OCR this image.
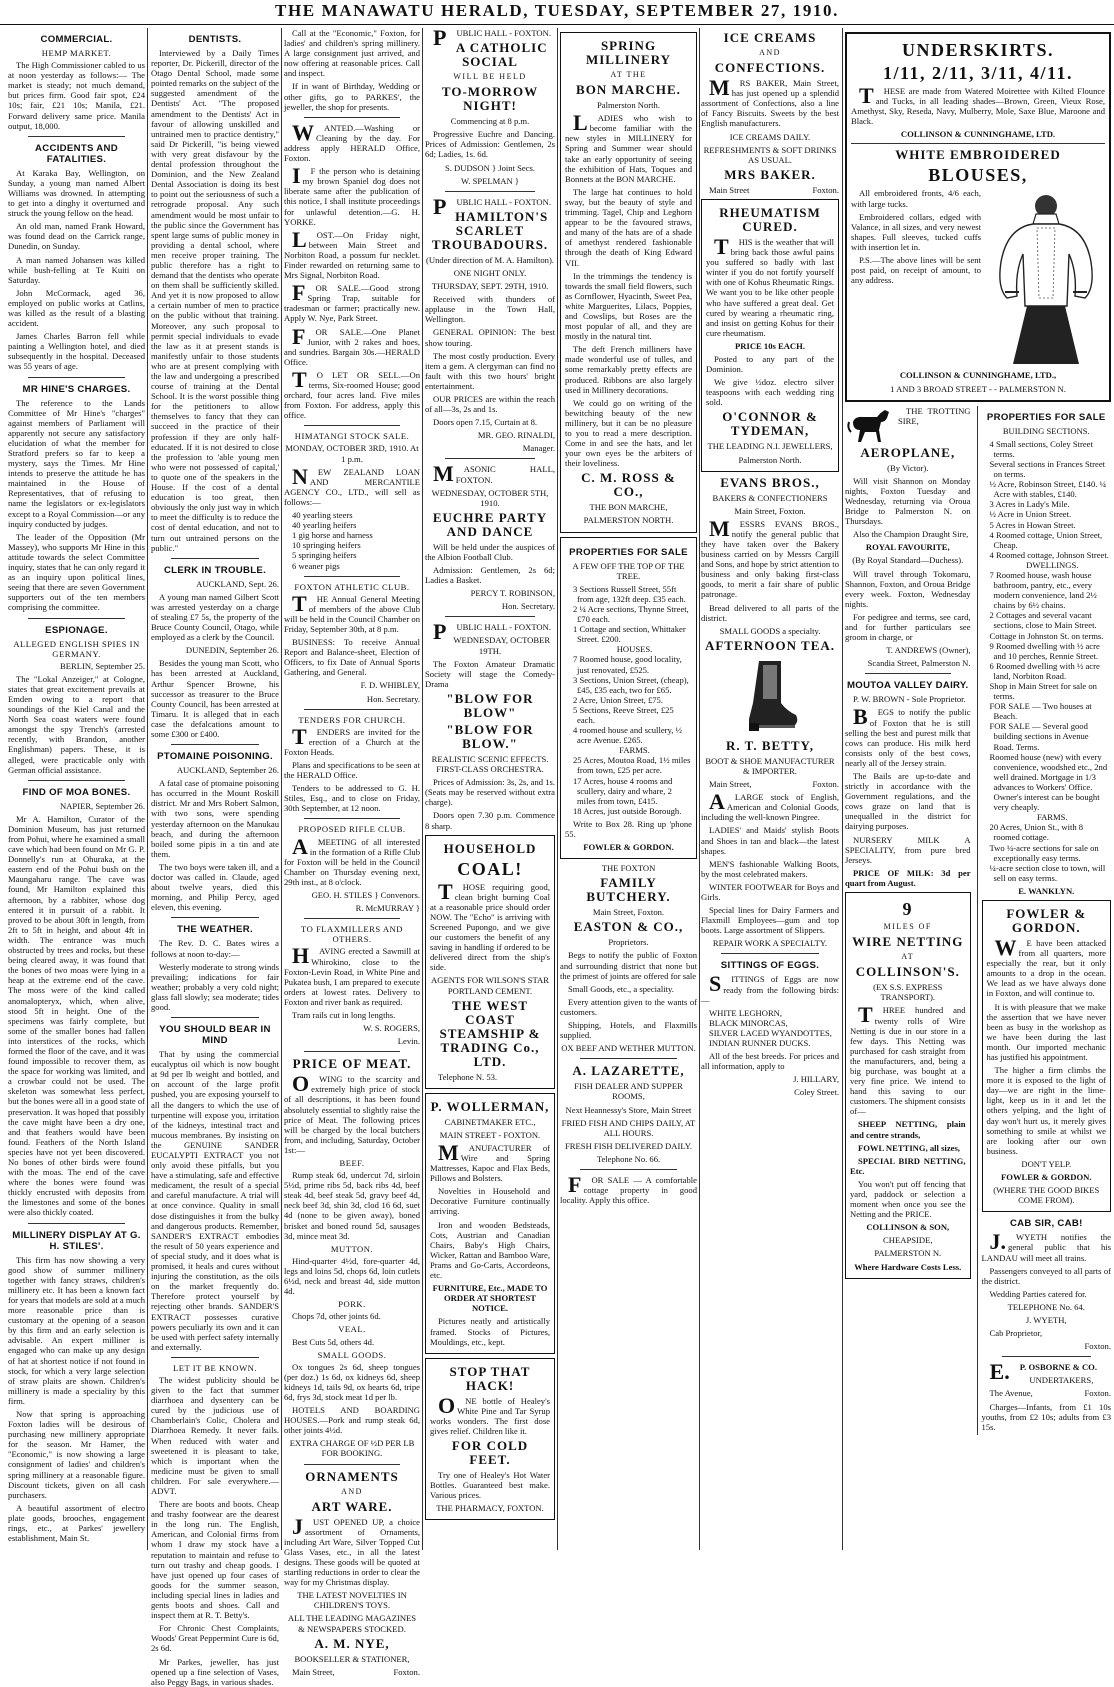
THE MANAWATU HERALD, TUESDAY, SEPTEMBER 27, 1910.
COMMERCIAL.
HEMP MARKET.

The High Commissioner cabled to us at noon yesterday as follows:— The market is steady; not much demand, but prices firm. Good fair spot, £24 10s; fair, £21 10s; Manila, £21. Forward delivery same price. Manila output, 18,000.

ACCIDENTS AND FATALITIES.

At Karaka Bay, Wellington, on Sunday, a young man named Albert Williams was drowned. In attempting to get into a dinghy it overturned and struck the young fellow on the head.

An old man, named Frank Howard, was found dead on the Carrick range, Dunedin, on Sunday.

A man named Johansen was killed while bush-felling at Te Kuiti on Saturday.

John McCormack, aged 36, employed on public works at Catlins, was killed as the result of a blasting accident.

James Charles Barron fell while painting a Wellington hotel, and died subsequently in the hospital. Deceased was 55 years of age.

MR HINE'S CHARGES.

The reference to the Lands Committee of Mr Hine's "charges" against members of Parliament will apparently not secure any satisfactory elucidation of what the member for Stratford prefers so far to keep a mystery, says the Times. Mr Hine intends to preserve the attitude he has maintained in the House of Representatives, that of refusing to name the legislators or ex-legislators except to a Royal Commission—or any inquiry conducted by judges.

The leader of the Opposition (Mr Massey), who supports Mr Hine in this attitude towards the select Committee inquiry, states that he can only regard it as an inquiry upon political lines, seeing that there are seven Government supporters out of the ten members comprising the committee.

ESPIONAGE.
ALLEGED ENGLISH SPIES IN GERMANY.

BERLIN, September 25.

The "Lokal Anzeiger," at Cologne, states that great excitement prevails at Emden owing to a report that soundings of the Kiel Canal and the North Sea coast waters were found amongst the spy Trench's (arrested recently, with Brandon, another Englishman) papers. These, it is alleged, were practicable only with German official assistance.

FIND OF MOA BONES.

NAPIER, September 26.

Mr A. Hamilton, Curator of the Dominion Museum, has just returned from Pohui, where he examined a small cave which had been found on Mr G. P. Donnelly's run at Ohuraka, at the eastern end of the Pohui bush on the Maungaharu range. The cave was found, Mr Hamilton explained this afternoon, by a rabbiter, whose dog entered it in pursuit of a rabbit. It proved to be about 30ft in length, from 2ft to 5ft in height, and about 4ft in width. The entrance was much obstructed by trees and rocks, but these being cleared away, it was found that the bones of two moas were lying in a heap at the extreme end of the cave. The moss were of the kind called anomalopteryx, which, when alive, stood 5ft in height. One of the specimens was fairly complete, but some of the smaller bones had fallen into interstices of the rocks, which formed the floor of the cave, and it was found impossible to recover them, as the space for working was limited, and a crowbar could not be used. The skeleton was somewhat less perfect, but the bones were all in a good state of preservation. It was hoped that possibly the cave might have been a dry one, and that feathers would have been found. Feathers of the North Island species have not yet been discovered. No bones of other birds were found with the moas. The end of the cave where the bones were found was thickly encrusted with deposits from the limestones and some of the bones were also thickly coated.

MILLINERY DISPLAY AT G. H. STILES'.

This firm has now showing a very good show of summer millinery together with fancy straws, children's millinery etc. It has been a known fact for years that models are sold at a much more reasonable price than is customary at the opening of a season by this firm and an early selection is advisable. An expert milliner is engaged who can make up any design of hat at shortest notice if not found in stock, for which a very large selection of straw plaits are shown. Children's millinery is made a speciality by this firm.

Now that spring is approaching Foxton ladies will be desirous of purchasing new millinery appropriate for the season. Mr Hamer, the "Economic," is now showing a large consignment of ladies' and children's spring millinery at a reasonable figure. Discount tickets, given on all cash purchasers.

A beautiful assortment of electro plate goods, brooches, engagement rings, etc., at Parkes' jewellery establishment, Main St.

DENTISTS.

Interviewed by a Daily Times reporter, Dr. Pickerill, director of the Otago Dental School, made some pointed remarks on the subject of the suggested amendment of the Dentists' Act. "The proposed amendment to the Dentists' Act in favour of allowing unskilled and untrained men to practice dentistry," said Dr Pickerill, "is being viewed with very great disfavour by the dental profession throughout the Dominion, and the New Zealand Dental Association is doing its best to point out the seriousness of such a retrograde proposal. Any such amendment would be most unfair to the public since the Government has spent large sums of public money in providing a dental school, where men receive proper training. The public therefore has a right to demand that the dentists who operate on them shall be sufficiently skilled. And yet it is now proposed to allow a certain number of men to practice on the public without that training. Moreover, any such proposal to permit special individuals to evade the law as it at present stands is manifestly unfair to those students who are at present complying with the law and undergoing a prescribed course of training at the Dental School. It is the worst possible thing for the petitioners to allow themselves to fancy that they can succeed in the practice of their profession if they are only half-educated. If it is not desired to close the profession to 'able young men who were not possessed of capital,' to quote one of the speakers in the House. If the cost of a dental education is too great, then obviously the only just way in which to meet the difficulty is to reduce the cost of dental education, and not to turn out untrained persons on the public."

CLERK IN TROUBLE.

AUCKLAND, Sept. 26.

A young man named Gilbert Scott was arrested yesterday on a charge of stealing £7 5s, the property of the Bruce County Council, Otago, while employed as a clerk by the Council.

DUNEDIN, September 26.

Besides the young man Scott, who has been arrested at Auckland, Arthur Spencer Browne, his successor as treasurer to the Bruce County Council, has been arrested at Timaru. It is alleged that in each case the defalcations amount to some £300 or £400.

PTOMAINE POISONING.

AUCKLAND, September 26.

A fatal case of ptomaine poisoning has occurred in the Mount Roskill district. Mr and Mrs Robert Salmon, with two sons, were spending yesterday afternoon on the Manukau beach, and during the afternoon boiled some pipis in a tin and ate them.

The two boys were taken ill, and a doctor was called in. Claude, aged about twelve years, died this morning, and Philip Percy, aged eleven, this evening.

THE WEATHER.

The Rev. D. C. Bates wires a follows at noon to-day:—

Westerly moderate to strong winds prevailing; indications for fair weather; probably a very cold night; glass fall slowly; sea moderate; tides good.

YOU SHOULD BEAR IN MIND

That by using the commercial eucalyptus oil which is now bought at 9d per lb weight and bottled, and on account of the large profit pushed, you are exposing yourself to all the dangers to which the use of turpentine will expose you, irritation of the kidneys, intestinal tract and mucous membranes. By insisting on the GENUINE SANDER EUCALYPTI EXTRACT you not only avoid these pitfalls, but you have a stimulating, safe and effective medicament, the result of a special and careful manufacture. A trial will at once convince. Quality in small dose distinguishes it from the bulky and dangerous products. Remember, SANDER'S EXTRACT embodies the result of 50 years experience and of special study, and it does what is promised, it heals and cures without injuring the constitution, as the oils on the market frequently do. Therefore protect yourself by rejecting other brands. SANDER'S EXTRACT possesses curative powers peculiarly its own and it can be used with perfect safety internally and externally.

LET IT BE KNOWN.

The widest publicity should be given to the fact that summer diarrhoea and dysentery can be cured by the judicious use of Chamberlain's Colic, Cholera and Diarrhoea Remedy. It never fails. When reduced with water and sweetened it is pleasant to take, which is important when the medicine must be given to small children. For sale everywhere.—ADVT.

There are boots and boots. Cheap and trashy footwear are the dearest in the long run. The English, American, and Colonial firms from whom I draw my stock have a reputation to maintain and refuse to turn out trashy and cheap goods. I have just opened up four cases of goods for the summer season, including special lines in ladies and gents boots and shoes. Call and inspect them at R. T. Betty's.

For Chronic Chest Complaints, Woods' Great Peppermint Cure is 6d, 2s 6d.

Mr Parkes, jeweller, has just opened up a fine selection of Vases, also Peggy Bags, in various shades.

Call at the "Economic," Foxton, for ladies' and children's spring millinery. A large consignment just arrived, and now offering at reasonable prices. Call and inspect.

If in want of Birthday, Wedding or other gifts, go to PARKES', the jeweller, the shop for presents.

WANTED.—Washing or Cleaning by the day. For address apply HERALD Office, Foxton.

IF the person who is detaining my brown Spaniel dog does not liberate same after the publication of this notice, I shall institute proceedings for unlawful detention.—G. H. YORKE.

LOST.—On Friday night, between Main Street and Norbiton Road, a possum fur necklet. Finder rewarded on returning same to Mrs Signal, Norbiton Road.

FOR SALE.—Good strong Spring Trap, suitable for tradesman or farmer; practically new. Apply W. Nye, Park Street.

FOR SALE.—One Planet Junior, with 2 rakes and hoes, and sundries. Bargain 30s.—HERALD Office.

TO LET OR SELL.—On terms, Six-roomed House; good orchard, four acres land. Five miles from Foxton. For address, apply this office.

HIMATANGI STOCK SALE.

MONDAY, OCTOBER 3RD, 1910. At 1 p.m.

NEW ZEALAND LOAN AND MERCANTILE AGENCY CO., LTD., will sell as follows:—

40 yearling steers
40 yearling heifers
1 gig horse and harness
10 springing heifers
5 springing heifers
6 weaner pigs
FOXTON ATHLETIC CLUB.

THE Annual General Meeting of members of the above Club will be held in the Council Chamber on Friday, September 30th, at 8 p.m.

BUSINESS: To receive Annual Report and Balance-sheet, Election of Officers, to fix Date of Annual Sports Gathering, and General.

F. D. WHIBLEY,

Hon. Secretary.

TENDERS FOR CHURCH.

TENDERS are invited for the erection of a Church at the Foxton Heads.

Plans and specifications to be seen at the HERALD Office.

Tenders to be addressed to G. H. Stiles, Esq., and to close on Friday, 30th September, at 12 noon.

PROPOSED RIFLE CLUB.

AMEETING of all interested in the formation of a Rifle Club for Foxton will be held in the Council Chamber on Thursday evening next, 29th inst., at 8 o'clock.

GEO. H. STILES } Convenors.

R. McMURRAY }

TO FLAXMILLERS AND OTHERS.

HAVING erected a Sawmill at Whirokino, close to the Foxton-Levin Road, in White Pine and Pukatea bush, I am prepared to execute orders at lowest rates. Delivery to Foxton and river bank as required.

Tram rails cut in long lengths.

W. S. ROGERS,

Levin.

PRICE OF MEAT.

OWING to the scarcity and extremely high price of stock of all descriptions, it has been found absolutely essential to slightly raise the price of Meat. The following prices will be charged by the local butchers from, and including, Saturday, October 1st:—

BEEF.

Rump steak 6d, undercut 7d, sirloin 5½d, prime ribs 5d, back ribs 4d, beef steak 4d, beef steak 5d, gravy beef 4d, neck beef 3d, shin 3d, clod 16 6d, suet 4d (none to be given away), boned brisket and boned round 5d, sausages 3d, mince meat 3d.

MUTTON.

Hind-quarter 4½d, fore-quarter 4d, legs and loins 5d, chops 6d, loin cutlets 6½d, neck and breast 4d, side mutton 4d.

PORK.

Chops 7d, other joints 6d.

VEAL.

Best Cuts 5d, others 4d.

SMALL GOODS.

Ox tongues 2s 6d, sheep tongues (per doz.) 1s 6d, ox kidneys 6d, sheep kidneys 1d, tails 9d, ox hearts 6d, tripe 6d, frys 3d, stock meat 1d per lb.

HOTELS AND BOARDING HOUSES.—Pork and rump steak 6d, other joints 4½d.

EXTRA CHARGE OF ½D PER LB FOR BOOKING.

ORNAMENTS
AND
ART WARE.

JUST OPENED UP, a choice assortment of Ornaments, including Art Ware, Silver Topped Cut Glass Vases, etc., in all the latest designs. These goods will be quoted at startling reductions in order to clear the way for my Christmas display.

THE LATEST NOVELTIES IN CHILDREN'S TOYS.

ALL THE LEADING MAGAZINES & NEWSPAPERS STOCKED.

A. M. NYE,

BOOKSELLER & STATIONER,

Main Street,	Foxton.

PUBLIC HALL - FOXTON.

A CATHOLIC SOCIAL
WILL BE HELD
TO-MORROW NIGHT!

Commencing at 8 p.m.

Progressive Euchre and Dancing. Prices of Admission: Gentlemen, 2s 6d; Ladies, 1s. 6d.

S. DUDSON } Joint Secs.

W. SPELMAN }

PUBLIC HALL - FOXTON.

HAMILTON'S SCARLET TROUBADOURS.

(Under direction of M. A. Hamilton).

ONE NIGHT ONLY.

THURSDAY, SEPT. 29TH, 1910.

Received with thunders of applause in the Town Hall, Wellington.

GENERAL OPINION: The best show touring.

The most costly production. Every item a gem. A clergyman can find no fault with this two hours' bright entertainment.

OUR PRICES are within the reach of all—3s, 2s and 1s.

Doors open 7.15, Curtain at 8.

MR. GEO. RINALDI,

Manager.

MASONIC HALL, FOXTON.

WEDNESDAY, OCTOBER 5TH, 1910.

EUCHRE PARTY AND DANCE

Will be held under the auspices of the Albion Football Club.

Admission: Gentlemen, 2s 6d; Ladies a Basket.

PERCY T. ROBINSON,

Hon. Secretary.

PUBLIC HALL - FOXTON.

WEDNESDAY, OCTOBER 19TH.

The Foxton Amateur Dramatic Society will stage the Comedy-Drama

"BLOW FOR BLOW"
"BLOW FOR BLOW."

REALISTIC SCENIC EFFECTS. FIRST-CLASS ORCHESTRA.

Prices of Admission: 3s, 2s, and 1s. (Seats may be reserved without extra charge).

Doors open 7.30 p.m. Commence 8 sharp.

HOUSEHOLD
COAL!

THOSE requiring good, clean bright burning Coal at a reasonable price should order NOW. The "Echo" is arriving with Screened Pupongo, and we give our customers the benefit of any saving in handling if ordered to be delivered direct from the ship's side.

AGENTS FOR WILSON'S STAR PORTLAND CEMENT.

THE WEST COAST STEAMSHIP & TRADING Co., LTD.

Telephone N. 53.

P. WOLLERMAN,

CABINETMAKER ETC.,

MAIN STREET - FOXTON.

MANUFACTURER of Wire and Spring Mattresses, Kapoc and Flax Beds, Pillows and Bolsters.

Novelties in Household and Decorative Furniture continually arriving.

Iron and wooden Bedsteads, Cots, Austrian and Canadian Chairs, Baby's High Chairs, Wicker, Rattan and Bamboo Ware, Prams and Go-Carts, Accordeons, etc.

FURNITURE, Etc., MADE TO ORDER AT SHORTEST NOTICE.

Pictures neatly and artistically framed. Stocks of Pictures, Mouldings, etc., kept.

STOP THAT HACK!

ONE bottle of Healey's White Pine and Tar Syrup works wonders. The first dose gives relief. Children like it.

FOR COLD FEET.

Try one of Healey's Hot Water Bottles. Guaranteed best make. Various prices.

THE PHARMACY, FOXTON.

SPRING MILLINERY
AT THE
BON MARCHE.

Palmerston North.

LADIES who wish to become familiar with the new styles in MILLINERY for Spring and Summer wear should take an early opportunity of seeing the exhibition of Hats, Toques and Bonnets at the BON MARCHE.

The large hat continues to hold sway, but the beauty of style and trimming. Tagel, Chip and Leghorn appear to be the favoured straws, and many of the hats are of a shade of amethyst rendered fashionable through the death of King Edward VII.

In the trimmings the tendency is towards the small field flowers, such as Cornflower, Hyacinth, Sweet Pea, white Marguerites, Lilacs, Poppies, and Cowslips, but Roses are the most popular of all, and they are mostly in the natural tint.

The deft French milliners have made wonderful use of tulles, and some remarkably pretty effects are produced. Ribbons are also largely used in Millinery decorations.

We could go on writing of the bewitching beauty of the new millinery, but it can be no pleasure to you to read a mere description. Come in and see the hats, and let your own eyes be the arbiters of their loveliness.

C. M. ROSS & CO.,

THE BON MARCHE,

PALMERSTON NORTH.

PROPERTIES FOR SALE

A FEW OFF THE TOP OF THE TREE.

3 Sections Russell Street, 55ft from age, 132ft deep. £35 each.
2 ¼ Acre sections, Thynne Street, £70 each.
1 Cottage and section, Whittaker Street. £200.
HOUSES.
7 Roomed house, good locality, just renovated, £525.
3 Sections, Union Street, (cheap), £45, £35 each, two for £65.
2 Acre, Union Street, £75.
5 Sections, Reeve Street, £25 each.
4 roomed house and scullery, ½ acre Avenue. £265.
FARMS.
25 Acres, Moutoa Road, 1½ miles from town, £25 per acre.
17 Acres, house 4 rooms and scullery, dairy and whare, 2 miles from town, £415.
18 Acres, just outside Borough.

Write to Box 28. Ring up 'phone 55.

FOWLER & GORDON.

THE FOXTON

FAMILY BUTCHERY.

Main Street, Foxton.

EASTON & CO.,

Proprietors.

Begs to notify the public of Foxton and surrounding district that none but the primest of joints are offered for sale

Small Goods, etc., a speciality.

Every attention given to the wants of customers.

Shipping, Hotels, and Flaxmills supplied.

OX BEEF AND WETHER MUTTON.

A. LAZARETTE,

FISH DEALER AND SUPPER ROOMS,

Next Heannessy's Store, Main Street

FRIED FISH AND CHIPS DAILY, AT ALL HOURS.

FRESH FISH DELIVERED DAILY.

Telephone No. 66.

FOR SALE — A comfortable cottage property in good locality. Apply this office.

ICE CREAMS
AND
CONFECTIONS.

MRS BAKER, Main Street, has just opened up a splendid assortment of Confections, also a line of Fancy Biscuits. Sweets by the best English manufacturers.

ICE CREAMS DAILY.

REFRESHMENTS & SOFT DRINKS AS USUAL.

MRS BAKER.

Main Street	Foxton.

RHEUMATISM CURED.

THIS is the weather that will bring back those awful pains you suffered so badly with last winter if you do not fortify yourself with one of Kohus Rheumatic Rings. We want you to be like other people who have suffered a great deal. Get cured by wearing a rheumatic ring, and insist on getting Kohus for their cure rheumatism.

PRICE 10s EACH.

Posted to any part of the Dominion.

We give ½doz. electro silver teaspoons with each wedding ring sold.

O'CONNOR & TYDEMAN,

THE LEADING N.I. JEWELLERS,

Palmerston North.

EVANS BROS.,

BAKERS & CONFECTIONERS

Main Street, Foxton.

MESSRS EVANS BROS., notify the general public that they have taken over the Bakery business carried on by Messrs Cargill and Sons, and hope by strict attention to business and only baking first-class goods, to merit a fair share of public patronage.

Bread delivered to all parts of the district.

SMALL GOODS a specialty.

AFTERNOON TEA.
R. T. BETTY,

BOOT & SHOE MANUFACTURER & IMPORTER.

Main Street,	Foxton.

ALARGE stock of English, American and Colonial Goods, including the well-known Pingree.

LADIES' and Maids' stylish Boots and Shoes in tan and black—the latest shapes.

MEN'S fashionable Walking Boots, by the most celebrated makers.

WINTER FOOTWEAR for Boys and Girls.

Special lines for Dairy Farmers and Flaxmill Employees—gum and top boots. Large assortment of Slippers.

REPAIR WORK A SPECIALTY.

SITTINGS OF EGGS.

SITTINGS of Eggs are now ready from the following birds:—

WHITE LEGHORN,
BLACK MINORCAS,
SILVER LACED WYANDOTTES,
INDIAN RUNNER DUCKS.

All of the best breeds. For prices and all information, apply to

J. HILLARY,

Coley Street.

UNDERSKIRTS.
1/11, 2/11, 3/11, 4/11.

THESE are made from Watered Moirettee with Kilted Flounce and Tucks, in all leading shades—Brown, Green, Vieux Rose, Amethyst, Sky, Reseda, Navy, Mulberry, Mole, Saxe Blue, Maroone and Black.

COLLINSON & CUNNINGHAME, LTD.

WHITE EMBROIDERED
BLOUSES,

All embroidered fronts, 4/6 each, with large tucks.

Embroidered collars, edged with Valance, in all sizes, and very newest shapes. Full sleeves, tucked cuffs with insertion let in.

P.S.—The above lines will be sent post paid, on receipt of amount, to any address.

COLLINSON & CUNNINGHAME, LTD.,

1 AND 3 BROAD STREET - - PALMERSTON N.

THE TROTTING SIRE,

AEROPLANE,

(By Victor).

Will visit Shannon on Monday nights, Foxton Tuesday and Wednesday, returning via Oroua Bridge to Palmerston N. on Thursdays.

Also the Champion Draught Sire,

ROYAL FAVOURITE,

(By Royal Standard—Duchess).

Will travel through Tokomaru, Shannon, Foxton, and Oroua Bridge every week. Foxton, Wednesday nights.

For pedigree and terms, see card, and for further particulars see groom in charge, or

T. ANDREWS (Owner),

Scandia Street, Palmerston N.

MOUTOA VALLEY DAIRY.

P. W. BROWN - Sole Proprietor.

BEGS to notify the public of Foxton that he is still selling the best and purest milk that cows can produce. His milk herd consists only of the best cows, nearly all of the Jersey strain.

The Bails are up-to-date and strictly in accordance with the Government regulations, and the cows graze on land that is unequalled in the district for dairying purposes.

NURSERY MILK A SPECIALITY, from pure bred Jerseys.

PRICE OF MILK: 3d per quart from August.

9
MILES OF
WIRE NETTING
AT
COLLINSON'S.

(EX S.S. EXPRESS TRANSPORT).

THREE hundred and twenty rolls of Wire Netting is due in our store in a few days. This Netting was purchased for cash straight from the manufacturers, and, being a big purchase, was bought at a very fine price. We intend to hand this saving to our customers. The shipment consists of—

SHEEP NETTING, plain and centre strands,

FOWL NETTING, all sizes,

SPECIAL BIRD NETTING, Etc.

You won't put off fencing that yard, paddock or selection a moment when once you see the Netting and the PRICE.

COLLINSON & SON,

CHEAPSIDE,

PALMERSTON N.

Where Hardware Costs Less.

PROPERTIES FOR SALE

BUILDING SECTIONS.

4 Small sections, Coley Street terms.
Several sections in Frances Street on terms.
½ Acre, Robinson Street, £140. ¼ Acre with stables, £140.
3 Acres in Lady's Mile.
½ Acre in Union Street.
5 Acres in Howan Street.
4 Roomed cottage, Union Street, Cheap.
4 Roomed cottage, Johnson Street.
DWELLINGS.
7 Roomed house, wash house bathroom, pantry, etc., every modern convenience, land 2½ chains by 6½ chains.
2 Cottages and several vacant sections, close to Main Street.
Cottage in Johnston St. on terms.
9 Roomed dwelling with ½ acre and 10 perches, Rennie Street.
6 Roomed dwelling with ½ acre land, Norbiton Road.
Shop in Main Street for sale on terms.
FOR SALE — Two houses at Beach.
FOR SALE — Several good building sections in Avenue Road. Terms.
Roomed house (new) with every convenience, woodshed etc., 2nd well drained. Mortgage in 1/3 advances to Workers' Office. Owner's interest can be bought very cheaply.
FARMS.
20 Acres, Union St., with 8 roomed cottage.
Two ¼-acre sections for sale on exceptionally easy terms.
¼-acre section close to town, will sell on easy terms.

E. WANKLYN.

FOWLER & GORDON.

WE have been attacked from all quarters, more especially the rear, but it only amounts to a drop in the ocean. We lead as we have always done in Foxton, and will continue to.

It is with pleasure that we make the assertion that we have never been as busy in the workshop as we have been during the last month. Our imported mechanic has justified his appointment.

The higher a firm climbs the more it is exposed to the light of day—we are right in the lime-light, keep us in it and let the others yelping, and the light of day won't hurt us, it merely gives something to smile at whilst we are looking after our own business.

DON'T YELP.

FOWLER & GORDON.

(WHERE THE GOOD BIKES COME FROM).

CAB SIR, CAB!

J.WYETH notifies the general public that his LANDAU will meet all trains.

Passengers conveyed to all parts of the district.

Wedding Parties catered for.

TELEPHONE No. 64.

J. WYETH,

Cab Proprietor,

Foxton.

E.P. OSBORNE & CO.

UNDERTAKERS,

The Avenue,	Foxton.

Charges—Infants, from £1 10s youths, from £2 10s; adults from £3 15s.
